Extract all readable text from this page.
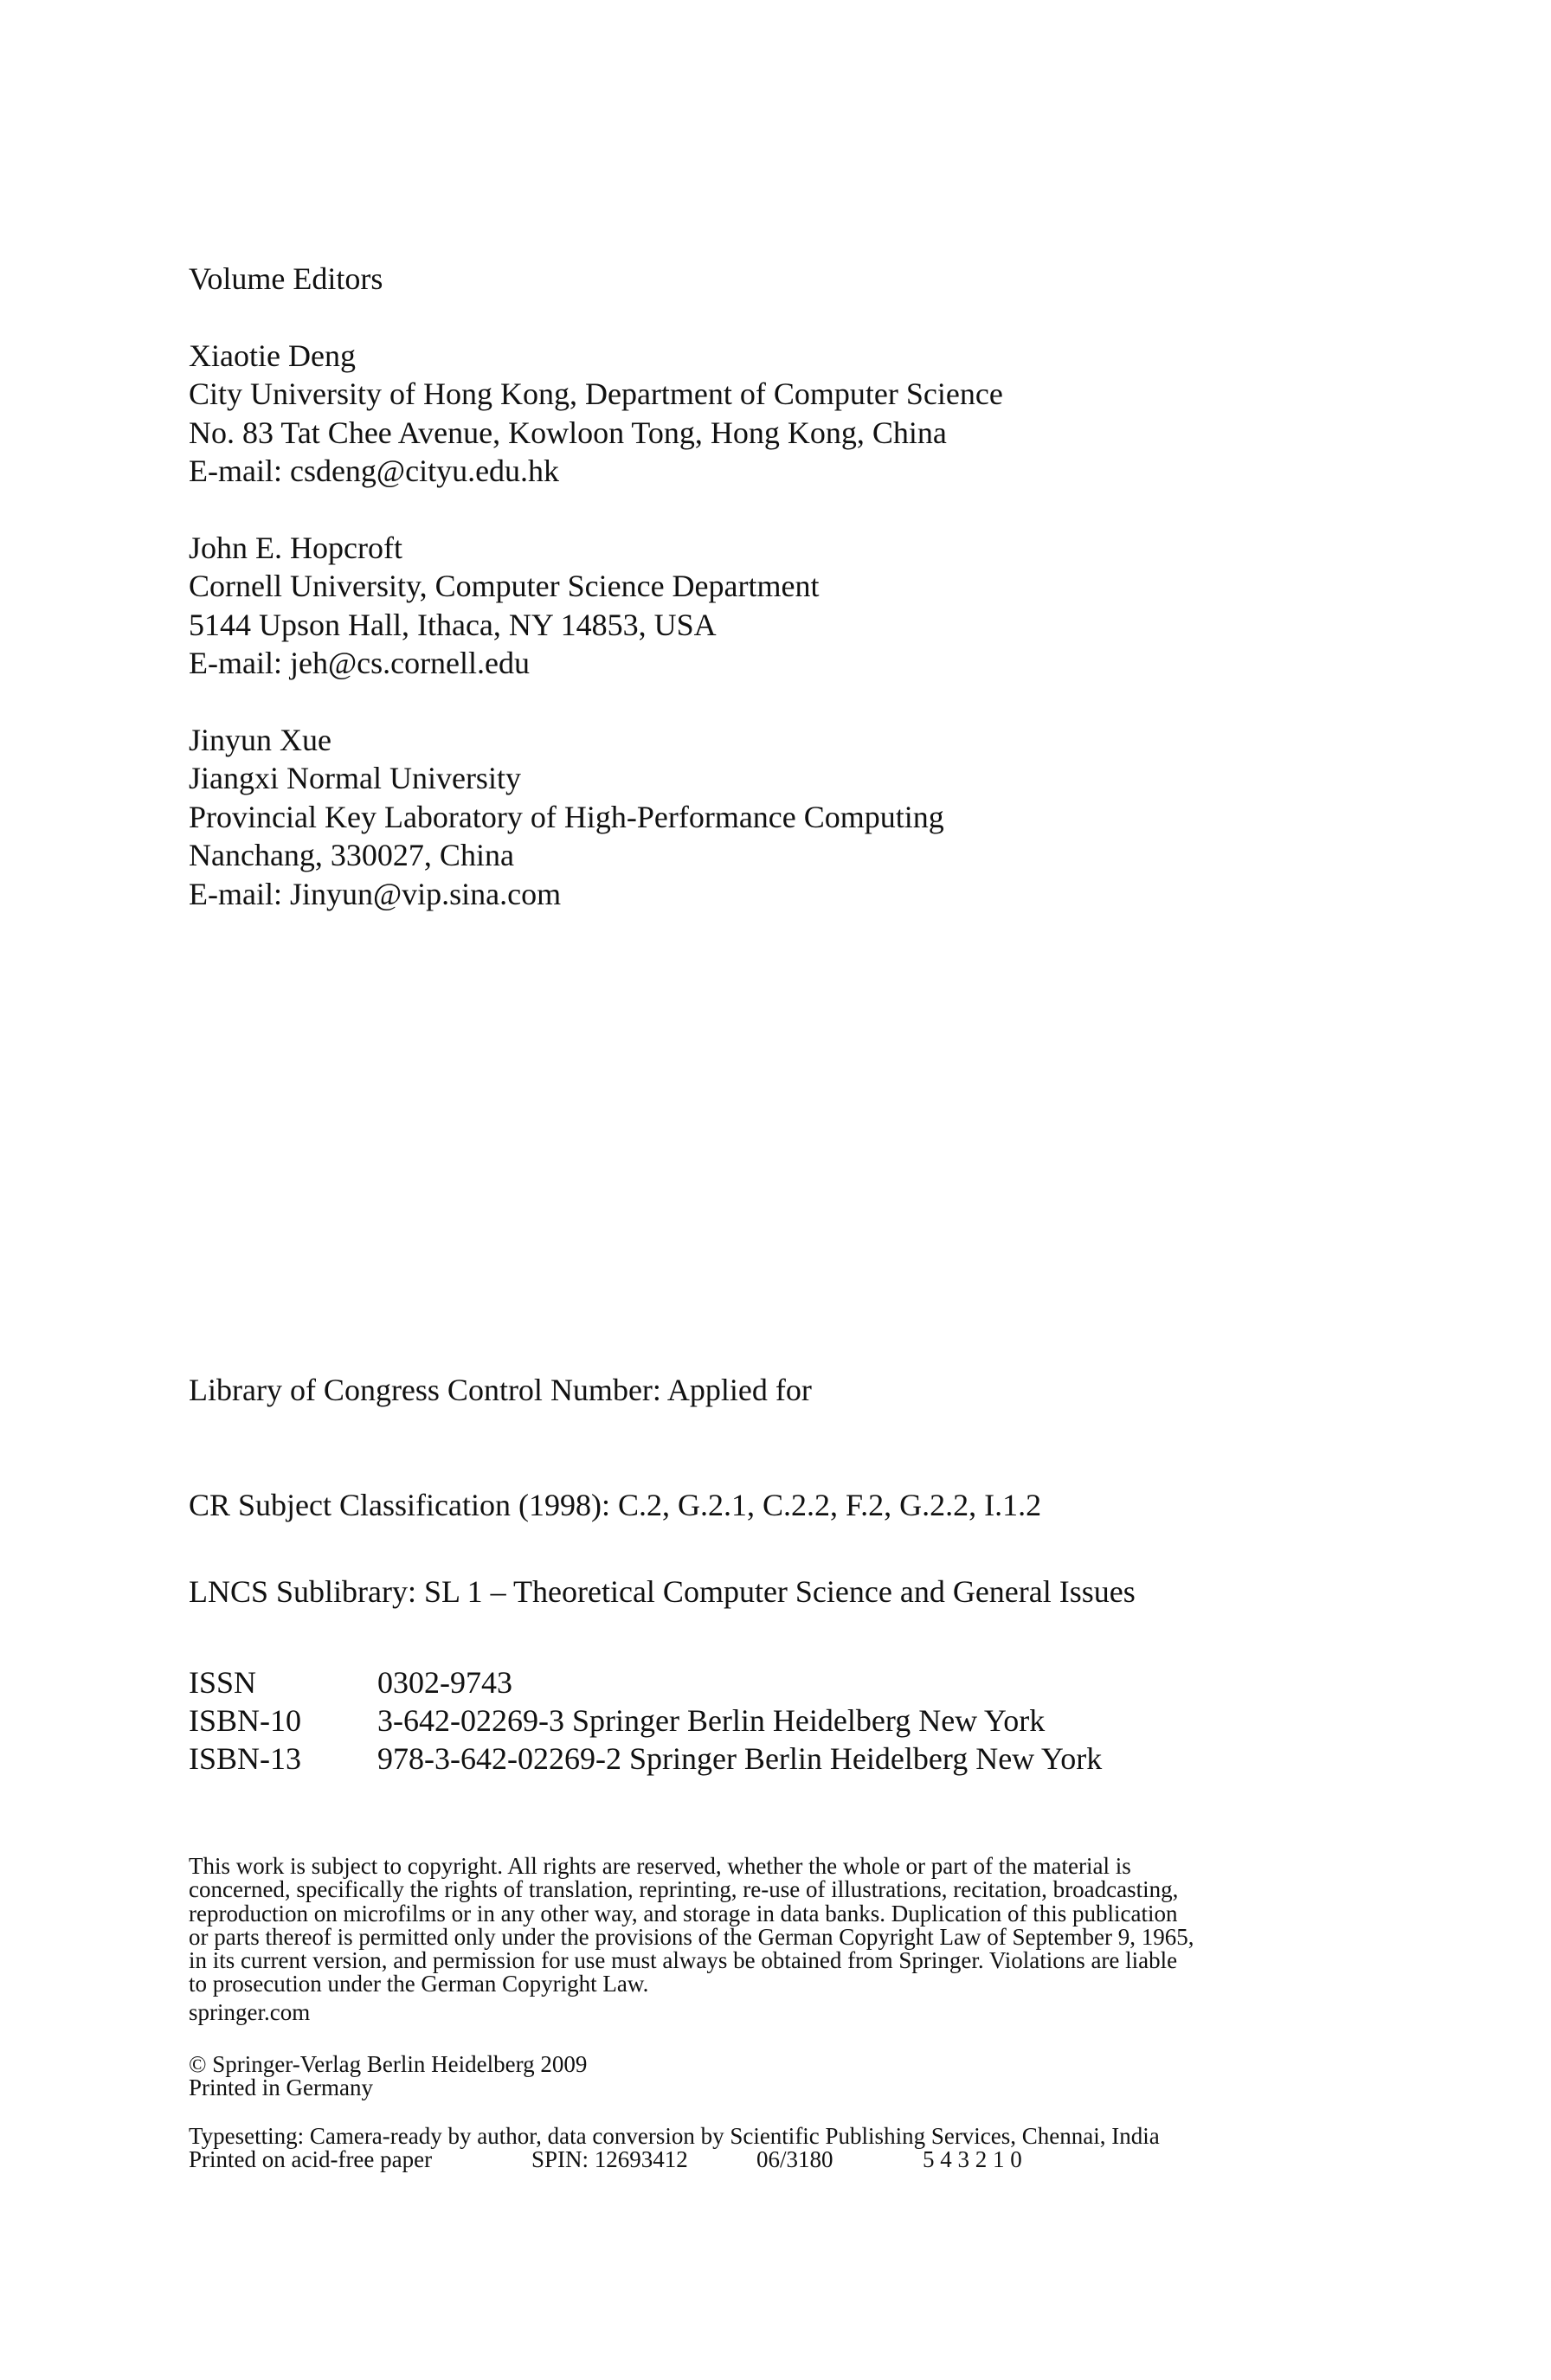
Volume Editors
Xiaotie Deng
City University of Hong Kong, Department of Computer Science
No. 83 Tat Chee Avenue, Kowloon Tong, Hong Kong, China
E-mail: csdeng@cityu.edu.hk
John E. Hopcroft
Cornell University, Computer Science Department
5144 Upson Hall, Ithaca, NY 14853, USA
E-mail: jeh@cs.cornell.edu
Jinyun Xue
Jiangxi Normal University
Provincial Key Laboratory of High-Performance Computing
Nanchang, 330027, China
E-mail: Jinyun@vip.sina.com
Library of Congress Control Number: Applied for
CR Subject Classification (1998): C.2, G.2.1, C.2.2, F.2, G.2.2, I.1.2
LNCS Sublibrary: SL 1 – Theoretical Computer Science and General Issues
ISSN	0302-9743
ISBN-10	3-642-02269-3 Springer Berlin Heidelberg New York
ISBN-13	978-3-642-02269-2 Springer Berlin Heidelberg New York
This work is subject to copyright. All rights are reserved, whether the whole or part of the material is
concerned, specifically the rights of translation, reprinting, re-use of illustrations, recitation, broadcasting,
reproduction on microfilms or in any other way, and storage in data banks. Duplication of this publication
or parts thereof is permitted only under the provisions of the German Copyright Law of September 9, 1965,
in its current version, and permission for use must always be obtained from Springer. Violations are liable
to prosecution under the German Copyright Law.
springer.com
© Springer-Verlag Berlin Heidelberg 2009
Printed in Germany
Typesetting: Camera-ready by author, data conversion by Scientific Publishing Services, Chennai, India
Printed on acid-free paper	SPIN: 12693412	06/3180	5 4 3 2 1 0
